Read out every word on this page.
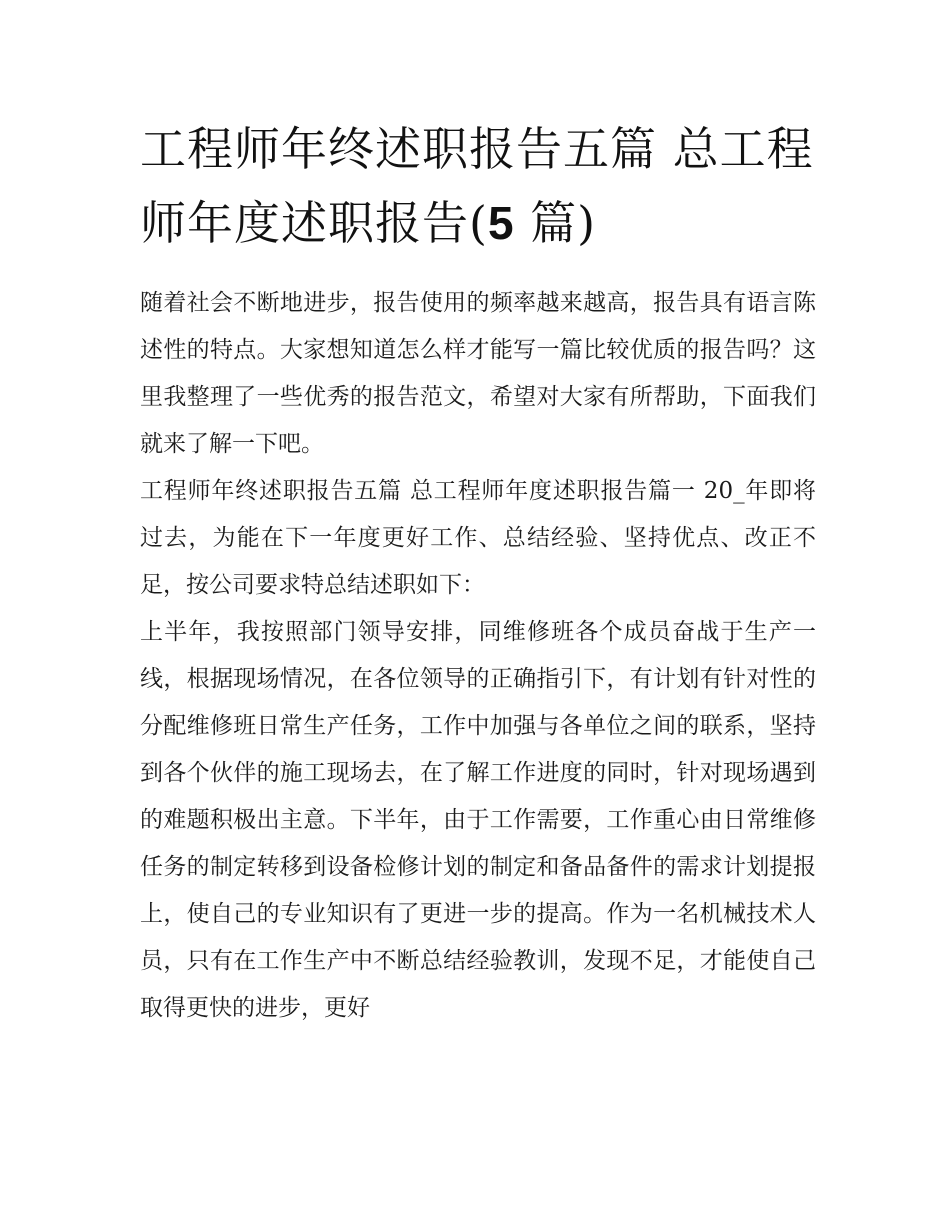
工程师年终述职报告五篇 总工程师年度述职报告(5 篇)

随着社会不断地进步，报告使用的频率越来越高，报告具有语言陈述性的特点。大家想知道怎么样才能写一篇比较优质的报告吗？这里我整理了一些优秀的报告范文，希望对大家有所帮助，下面我们就来了解一下吧。

工程师年终述职报告五篇 总工程师年度述职报告篇一 20_年即将过去，为能在下一年度更好工作、总结经验、坚持优点、改正不足，按公司要求特总结述职如下：

上半年，我按照部门领导安排，同维修班各个成员奋战于生产一线，根据现场情况，在各位领导的正确指引下，有计划有针对性的分配维修班日常生产任务，工作中加强与各单位之间的联系，坚持到各个伙伴的施工现场去，在了解工作进度的同时，针对现场遇到的难题积极出主意。下半年，由于工作需要，工作重心由日常维修任务的制定转移到设备检修计划的制定和备品备件的需求计划提报上，使自己的专业知识有了更进一步的提高。作为一名机械技术人员，只有在工作生产中不断总结经验教训，发现不足，才能使自己取得更快的进步，更好
